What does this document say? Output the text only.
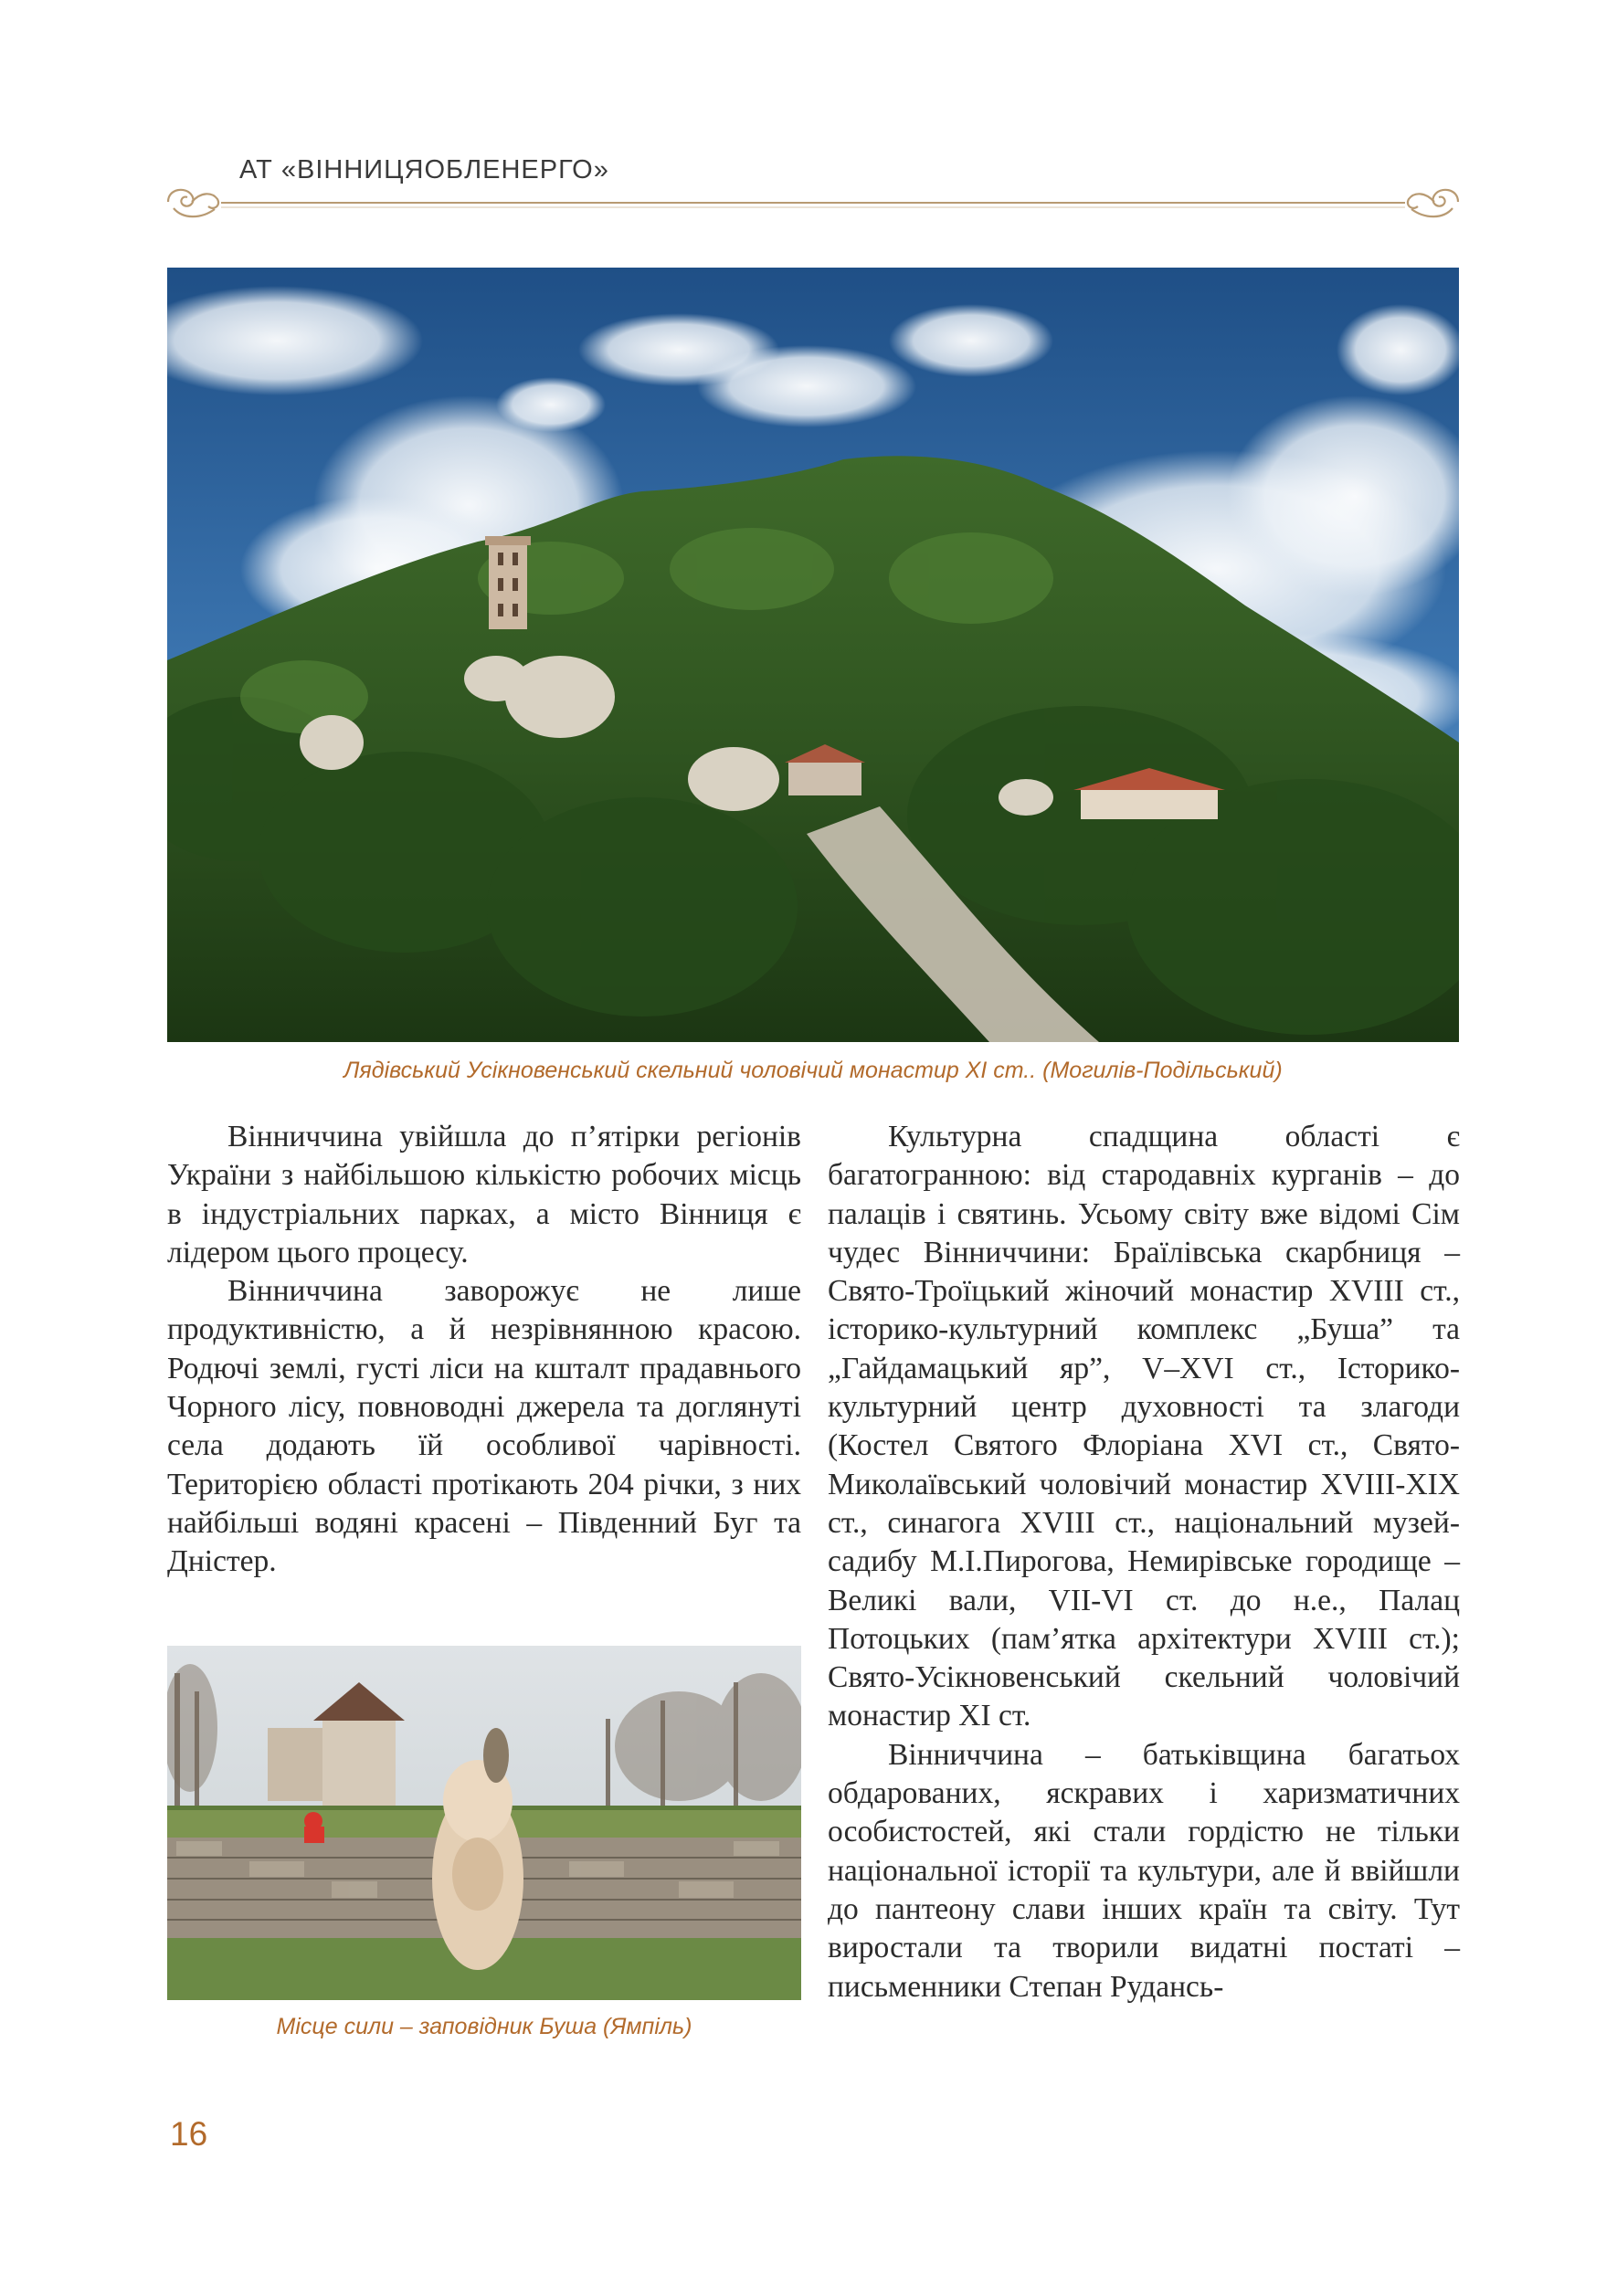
АТ «ВІННИЦЯОБЛЕНЕРГО»
Лядівський Усікновенський скельний чоловічий монастир XI ст.. (Могилів-Подільський)

Вінниччина увійшла до п’ятірки регіонів України з найбільшою кількістю робочих місць в індустріальних парках, а місто Вінниця є лідером цього процесу.

Вінниччина заворожує не лише продуктивністю, а й незрівнянною красою. Родючі землі, густі ліси на кшталт прадавнього Чорного лісу, повноводні джерела та доглянуті села додають їй особливої чарівності. Територією області протікають 204 річки, з них найбільші водяні красені – Південний Буг та Дністер.

Місце сили – заповідник Буша (Ямпіль)

Культурна спадщина області є багатогранною: від стародавніх курганів – до палаців і святинь. Усьому світу вже відомі Сім чудес Вінниччини: Браїлівська скарбниця – Свято-Троїцький жіночий монастир XVIII ст., історико-культурний комплекс „Буша” та „Гайдамацький яр”, V–XVI ст., Історико-культурний центр духовності та злагоди (Костел Святого Флоріана XVI ст., Свято-Миколаївський чоловічий монастир XVIII-XIX ст., синагога XVIII ст., національний музей-садибу М.І.Пирогова, Немирівське городище – Великі вали, VII-VI ст. до н.е., Палац Потоцьких (пам’ятка архітектури XVIII ст.); Свято-Усікновенський скельний чоловічий монастир XI ст.

Вінниччина – батьківщина багатьох обдарованих, яскравих і харизматичних особистостей, які стали гордістю не тільки національної історії та культури, але й ввійшли до пантеону слави інших країн та світу. Тут виростали та творили видатні постаті – письменники Степан Рудансь-

16
